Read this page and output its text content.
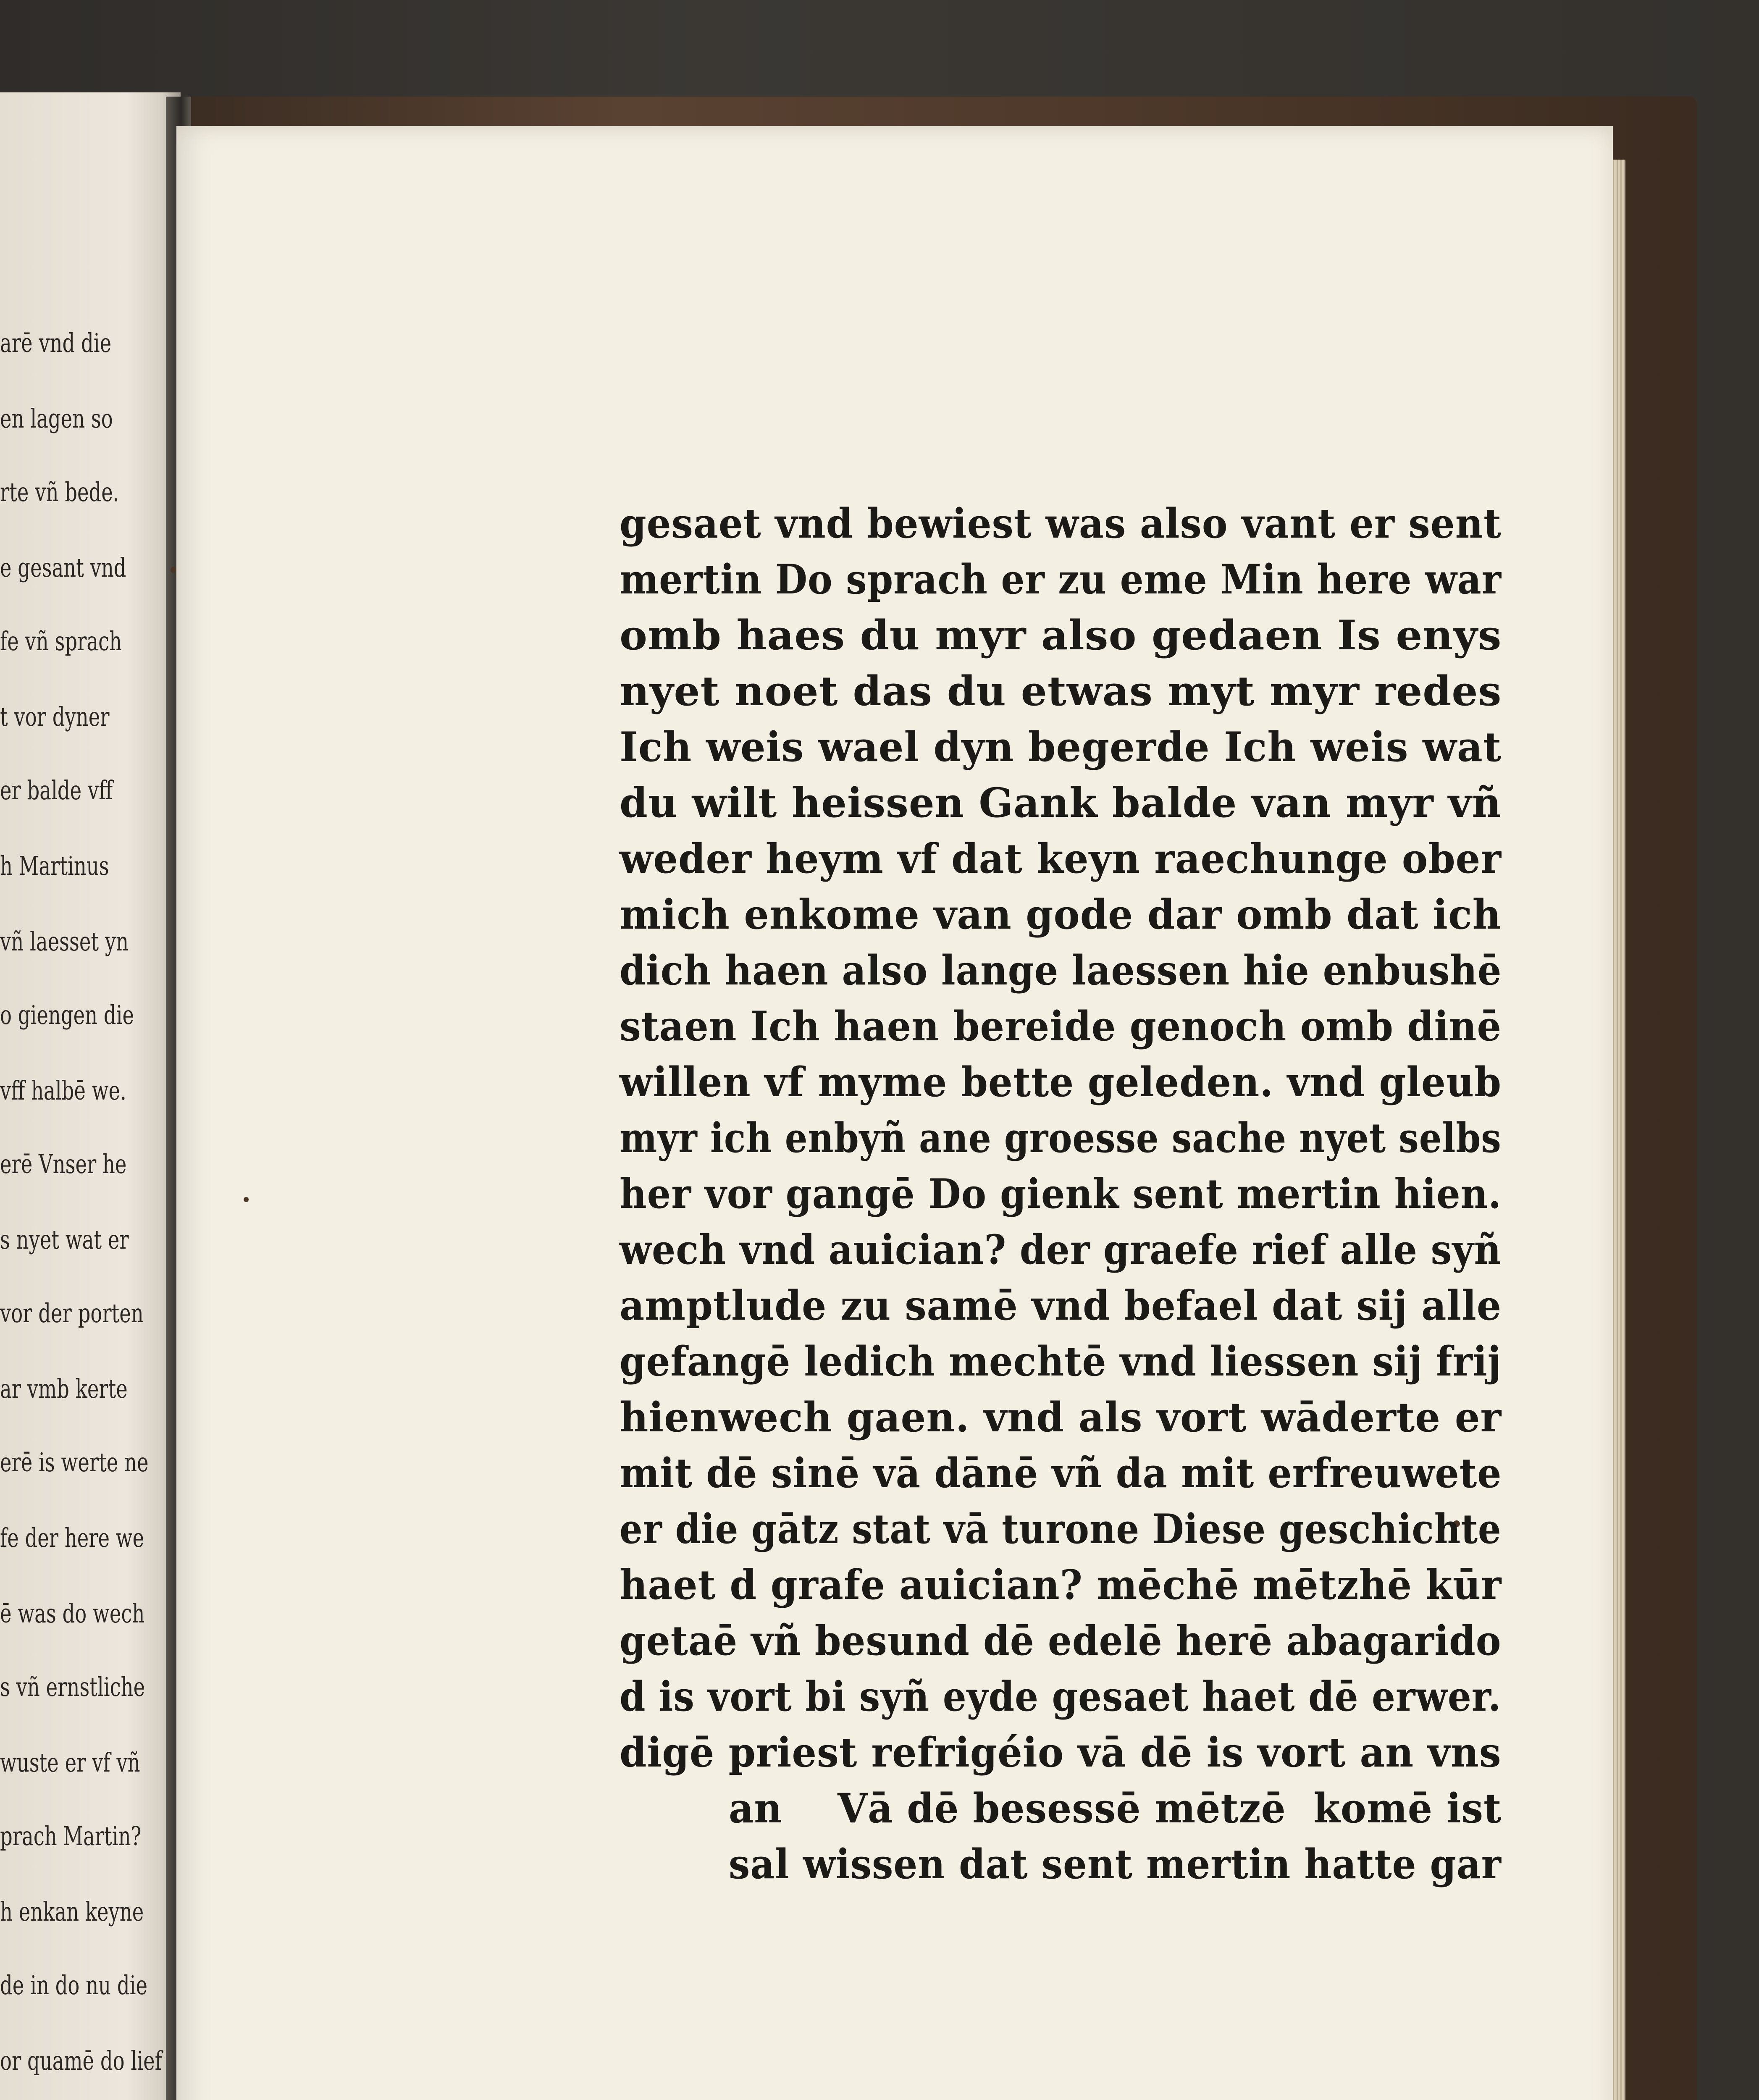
arē vnd die
en lagen so
rte vñ bede.
e gesant vnd
fe vñ sprach
t vor dyner
er balde vff
h Martinus
vñ laesset yn
o giengen die
vff halbē we.
erē Vnser he
s nyet wat er
vor der porten
ar vmb kerte
erē is werte ne
fe der here we
ē was do wech
s vñ ernstliche
wuste er vf vñ
prach Martin?
h enkan keyne
de in do nu die
or quamē do lief
gesaet vnd bewiest was also vant er sent
mertin Do sprach er zu eme Min here war
omb haes du myr also gedaen Is enys
nyet noet das du etwas myt myr redes
Ich weis wael dyn begerde Ich weis wat
du wilt heissen Gank balde van myr vñ
weder heym vf dat keyn raechunge ober
mich enkome van gode dar omb dat ich
dich haen also lange laessen hie enbushē
staen Ich haen bereide genoch omb dinē
willen vf myme bette geleden. vnd gleub
myr ich enbyñ ane groesse sache nyet selbs
her vor gangē Do gienk sent mertin hien.
wech vnd auician? der graefe rief alle syñ
amptlude zu samē vnd befael dat sij alle
gefangē ledich mechtē vnd liessen sij frij
hienwech gaen. vnd als vort wāderte er
mit dē sinē vā dānē vñ da mit erfreuwete
er die gātz stat vā turone Diese geschichte
haet d grafe auician? mēchē mētzhē kūr
getaē vñ besund dē edelē herē abagarido
d is vort bi syñ eyde gesaet haet dē erwer.
digē priest refrigéio vā dē is vort an vns
an    Vā dē besessē mētzē  komē ist
sal wissen dat sent mertin hatte gar
